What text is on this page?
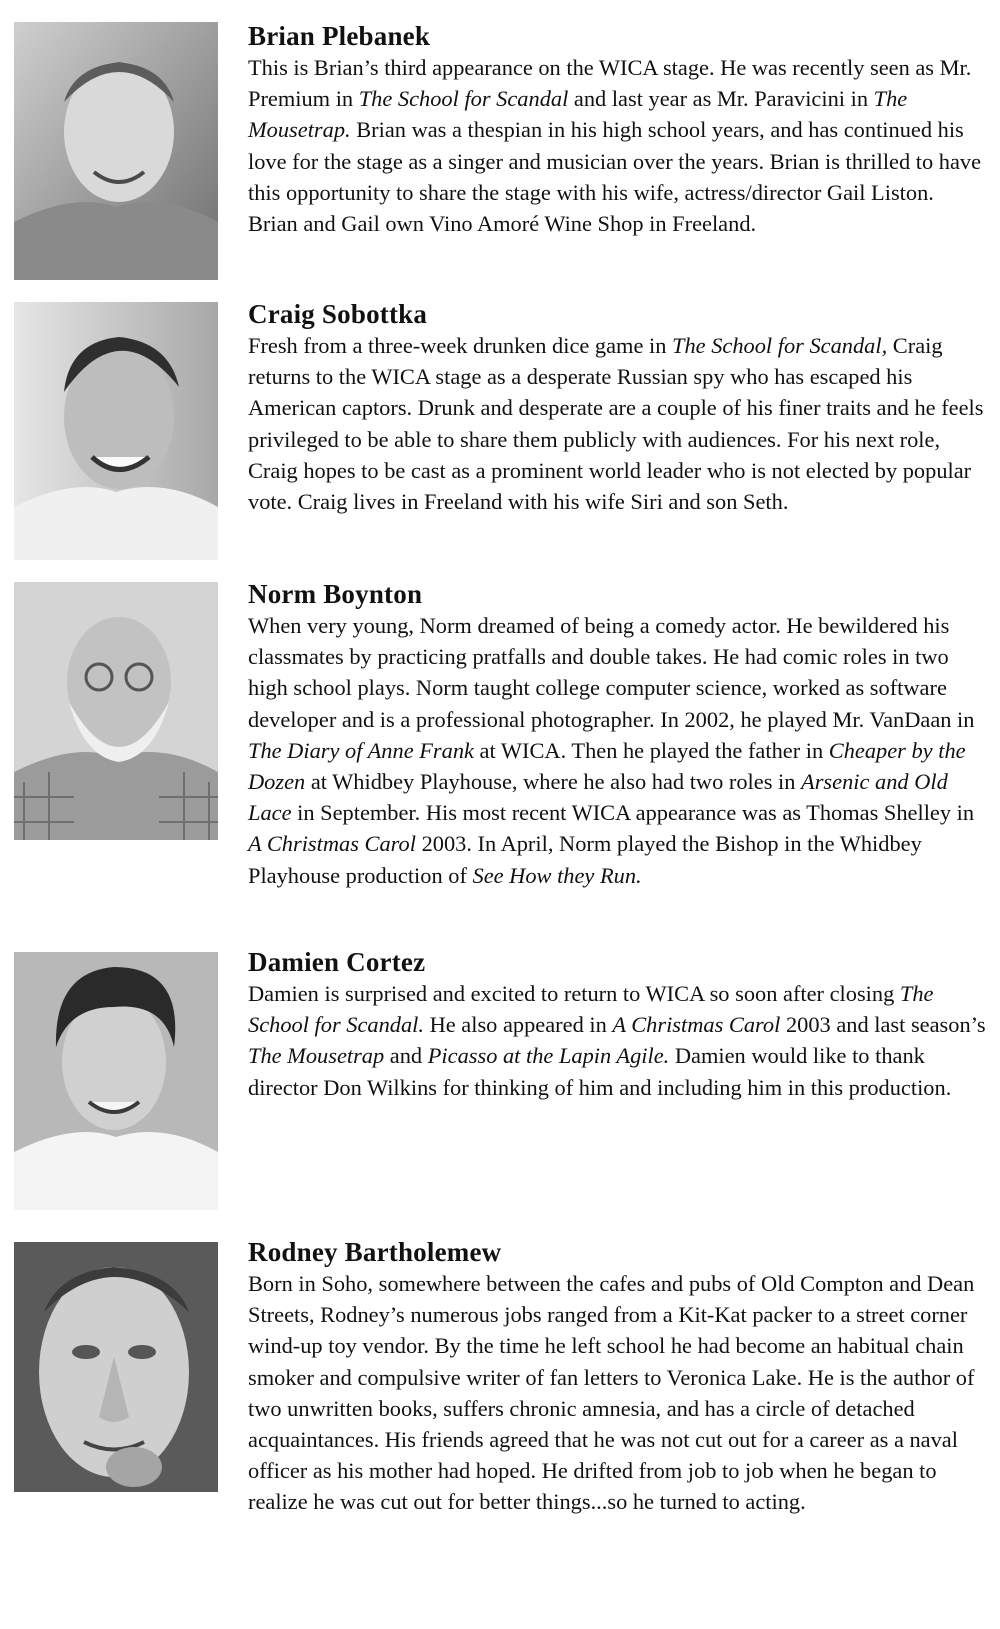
Brian Plebanek
This is Brian’s third appearance on the WICA stage. He was recently seen as Mr. Premium in The School for Scandal and last year as Mr. Paravicini in The Mousetrap. Brian was a thespian in his high school years, and has continued his love for the stage as a singer and musician over the years. Brian is thrilled to have this opportunity to share the stage with his wife, actress/director Gail Liston. Brian and Gail own Vino Amoré Wine Shop in Freeland.
Craig Sobottka
Fresh from a three-week drunken dice game in The School for Scandal, Craig returns to the WICA stage as a desperate Russian spy who has escaped his American captors. Drunk and desperate are a couple of his finer traits and he feels privileged to be able to share them publicly with audiences. For his next role, Craig hopes to be cast as a prominent world leader who is not elected by popular vote. Craig lives in Freeland with his wife Siri and son Seth.
Norm Boynton
When very young, Norm dreamed of being a comedy actor. He bewildered his classmates by practicing pratfalls and double takes. He had comic roles in two high school plays. Norm taught college computer science, worked as software developer and is a professional photographer. In 2002, he played Mr. VanDaan in The Diary of Anne Frank at WICA. Then he played the father in Cheaper by the Dozen at Whidbey Playhouse, where he also had two roles in Arsenic and Old Lace in September. His most recent WICA appearance was as Thomas Shelley in A Christmas Carol 2003. In April, Norm played the Bishop in the Whidbey Playhouse production of See How they Run.
Damien Cortez
Damien is surprised and excited to return to WICA so soon after closing The School for Scandal. He also appeared in A Christmas Carol 2003 and last season’s The Mousetrap and Picasso at the Lapin Agile. Damien would like to thank director Don Wilkins for thinking of him and including him in this production.
Rodney Bartholemew
Born in Soho, somewhere between the cafes and pubs of Old Compton and Dean Streets, Rodney’s numerous jobs ranged from a Kit-Kat packer to a street corner wind-up toy vendor. By the time he left school he had become an habitual chain smoker and compulsive writer of fan letters to Veronica Lake. He is the author of two unwritten books, suffers chronic amnesia, and has a circle of detached acquaintances. His friends agreed that he was not cut out for a career as a naval officer as his mother had hoped. He drifted from job to job when he began to realize he was cut out for better things...so he turned to acting.
